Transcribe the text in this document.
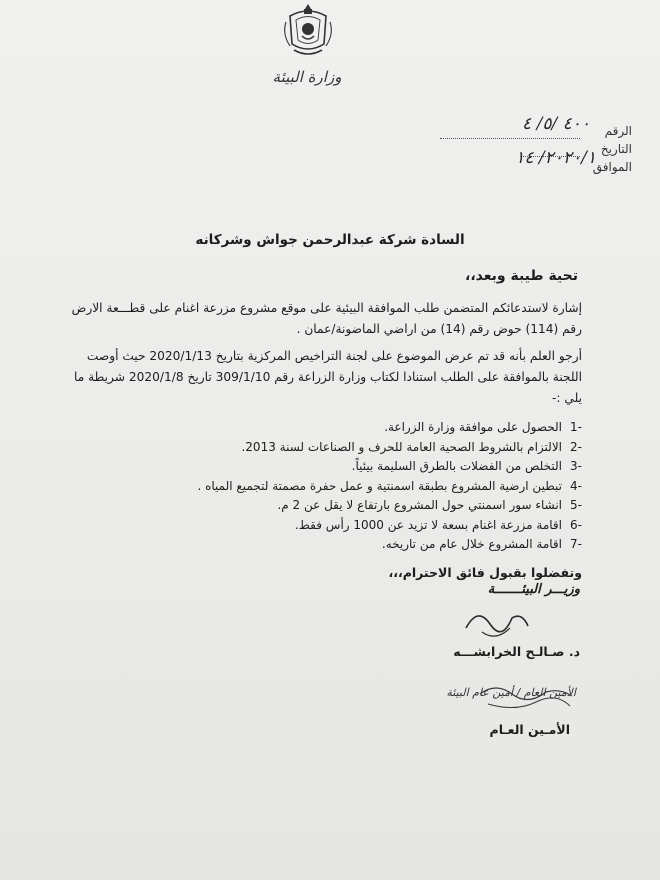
وزارة البيئة
الرقم
٤٠٠ /٥/ ٤
التاريخ
الموافق
٢٠٢٠/١/ ١٤
السادة شركة عبدالرحمن جواش وشركانه
تحية طيبة وبعد،،
إشارة لاستدعائكم المتضمن طلب الموافقة البيئية على موقع مشروع مزرعة اغنام على قطـــعة الارض رقم (114) حوض رقم (14) من اراضي الماضونة/عمان .
أرجو العلم بأنه قد تم عرض الموضوع على لجنة التراخيص المركزية بتاريخ 2020/1/13 حيث أوصت اللجنة بالموافقة على الطلب استنادا لكتاب وزارة الزراعة رقم 309/1/10 تاريخ 2020/1/8 شريطة ما يلي :-
-1
الحصول على موافقة وزارة الزراعة.
-2
الالتزام بالشروط الصحية العامة للحرف و الصناعات لسنة 2013.
-3
التخلص من الفضلات بالطرق السليمة بيئياً.
-4
تبطين ارضية المشروع بطبقة اسمنتية و عمل حفرة مصمتة لتجميع المياه .
-5
انشاء سور اسمنتي حول المشروع بارتفاع لا يقل عن 2 م.
-6
اقامة مزرعة اغنام بسعة لا تزيد عن 1000 رأس فقط.
-7
اقامة المشروع خلال عام من تاريخه.
وتفضلوا بقبول فائق الاحترام،،،
وزيـــر البيئـــــــة
د. صـالـح الخرابشـــه
الأمين العام / أمين عام البيئة
الأمـين العـام
